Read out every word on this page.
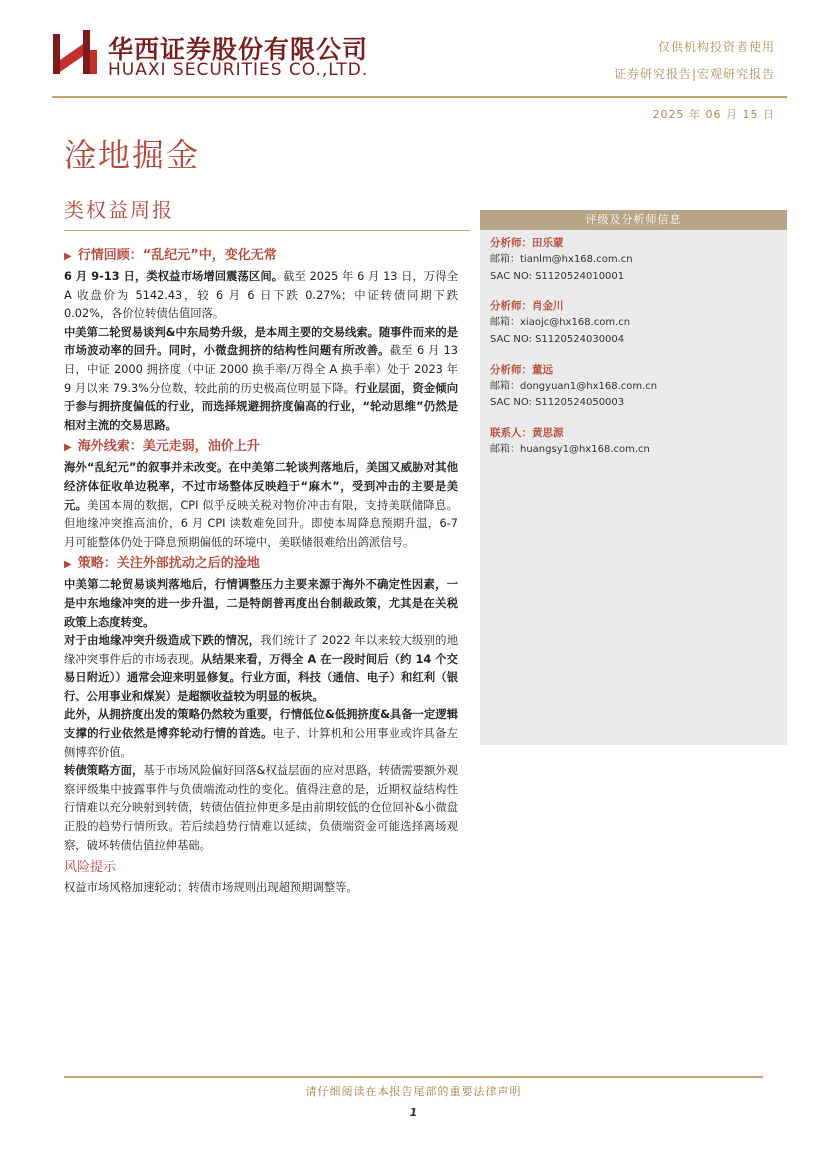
华西证券股份有限公司
HUAXI SECURITIES CO.,LTD.
仅供机构投资者使用
证券研究报告|宏观研究报告
2025 年 06 月 15 日
淦地掘金
类权益周报
▶ 行情回顾：“乱纪元”中，变化无常
6 月 9-13 日，类权益市场增回震荡区间。截至 2025 年 6 月 13 日，万得全 A 收盘价为 5142.43，较 6 月 6 日下跌 0.27%；中证转债同期下跌 0.02%，各价位转债估值回落。
中美第二轮贸易谈判&中东局势升级，是本周主要的交易线索。随事件而来的是市场波动率的回升。同时，小微盘拥挤的结构性问题有所改善。截至 6 月 13 日，中证 2000 拥挤度（中证 2000 换手率/万得全 A 换手率）处于 2023 年 9 月以来 79.3%分位数，较此前的历史极高位明显下降。行业层面，资金倾向于参与拥挤度偏低的行业，而选择规避拥挤度偏高的行业，“轮动思维”仍然是相对主流的交易思路。
▶ 海外线索：美元走弱，油价上升
海外“乱纪元”的叙事并未改变。在中美第二轮谈判落地后，美国又威胁对其他经济体征收单边税率，不过市场整体反映趋于“麻木”，受到冲击的主要是美元。美国本周的数据，CPI 似乎反映关税对物价冲击有限，支持美联储降息。但地缘冲突推高油价，6 月 CPI 读数难免回升。即使本周降息预期升温，6-7 月可能整体仍处于降息预期偏低的环境中，美联储很难给出鸽派信号。
▶ 策略：关注外部扰动之后的淦地
中美第二轮贸易谈判落地后，行情调整压力主要来源于海外不确定性因素，一是中东地缘冲突的进一步升温，二是特朗普再度出台制裁政策，尤其是在关税政策上态度转变。
对于由地缘冲突升级造成下跌的情况，我们统计了 2022 年以来较大级别的地缘冲突事件后的市场表现。从结果来看，万得全 A 在一段时间后（约 14 个交易日附近））通常会迎来明显修复。行业方面，科技（通信、电子）和红利（银行、公用事业和煤炭）是超额收益较为明显的板块。
此外，从拥挤度出发的策略仍然较为重要，行情低位&低拥挤度&具备一定逻辑支撑的行业依然是博弈轮动行情的首选。电子、计算机和公用事业或许具备左侧博弈价值。
转债策略方面，基于市场风险偏好回落&权益层面的应对思路，转债需要额外观察评级集中披露事件与负债端流动性的变化。值得注意的是，近期权益结构性行情难以充分映射到转债，转债估值拉伸更多是由前期较低的仓位回补&小微盘正股的趋势行情所致。若后续趋势行情难以延续，负债端资金可能选择离场观察，破坏转债估值拉伸基础。
风险提示
权益市场风格加速轮动；转债市场规则出现超预期调整等。
评级及分析师信息
分析师：田乐蒙
邮箱：tianlm@hx168.com.cn
SAC NO: S1120524010001
分析师：肖金川
邮箱：xiaojc@hx168.com.cn
SAC NO: S1120524030004
分析师：董远
邮箱：dongyuan1@hx168.com.cn
SAC NO: S1120524050003
联系人：黄思源
邮箱：huangsy1@hx168.com.cn
请仔细阅读在本报告尾部的重要法律声明
1
